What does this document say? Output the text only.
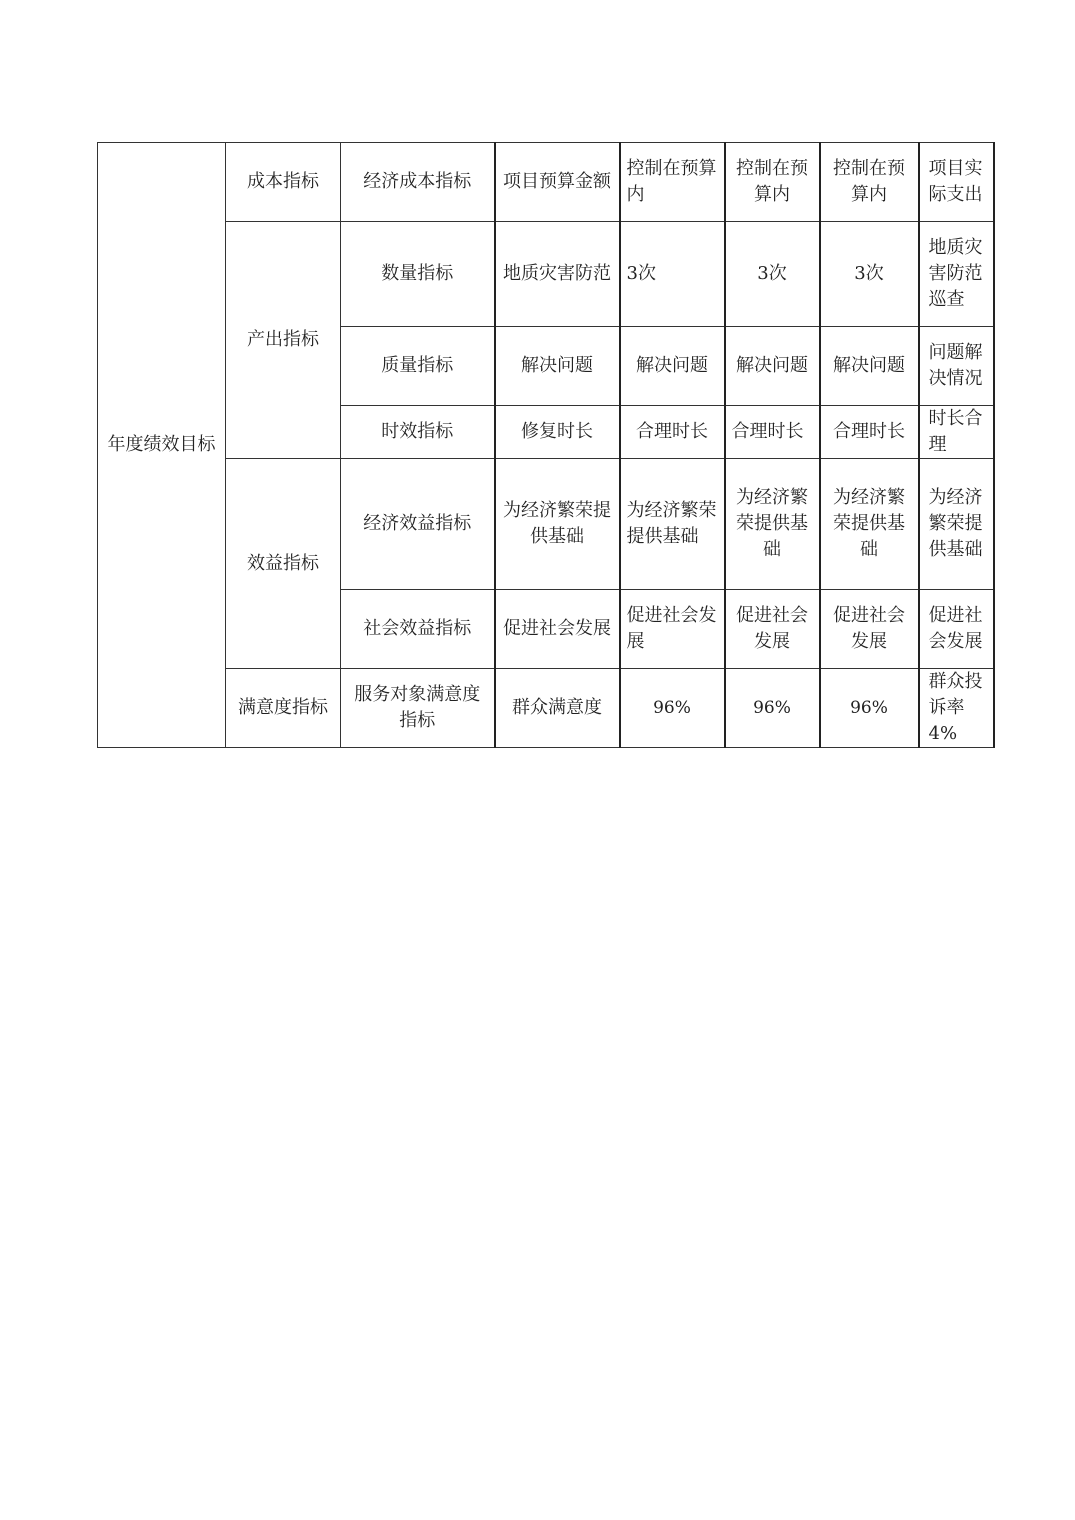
年度绩效目标	成本指标	经济成本指标	项目预算金额	控制在预算内	控制在预算内	控制在预算内	项目实际支出
	产出指标	数量指标	地质灾害防范	3次	3次	3次	地质灾害防范巡查
		质量指标	解决问题	解决问题	解决问题	解决问题	问题解决情况
		时效指标	修复时长	合理时长	合理时长	合理时长	时长合理
	效益指标	经济效益指标	为经济繁荣提供基础	为经济繁荣提供基础	为经济繁荣提供基础	为经济繁荣提供基础	为经济繁荣提供基础
		社会效益指标	促进社会发展	促进社会发展	促进社会发展	促进社会发展	促进社会发展
	满意度指标	服务对象满意度指标	群众满意度	96%	96%	96%	群众投诉率4%
